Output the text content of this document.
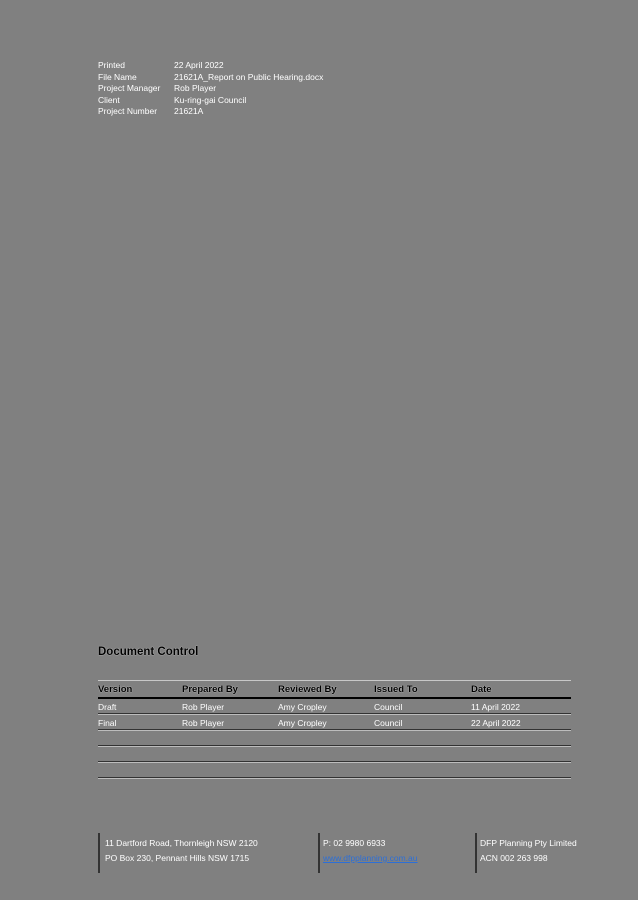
Printed	22 April 2022
File Name	21621A_Report on Public Hearing.docx
Project Manager	Rob Player
Client	Ku-ring-gai Council
Project Number	21621A
Document Control
Version	Prepared By	Reviewed By	Issued To	Date
Draft	Rob Player	Amy Cropley	Council	11 April 2022
Final	Rob Player	Amy Cropley	Council	22 April 2022

11 Dartford Road, Thornleigh NSW 2120
PO Box 230, Pennant Hills NSW 1715
P: 02 9980 6933
www.dfpplanning.com.au
DFP Planning Pty Limited
ACN 002 263 998
